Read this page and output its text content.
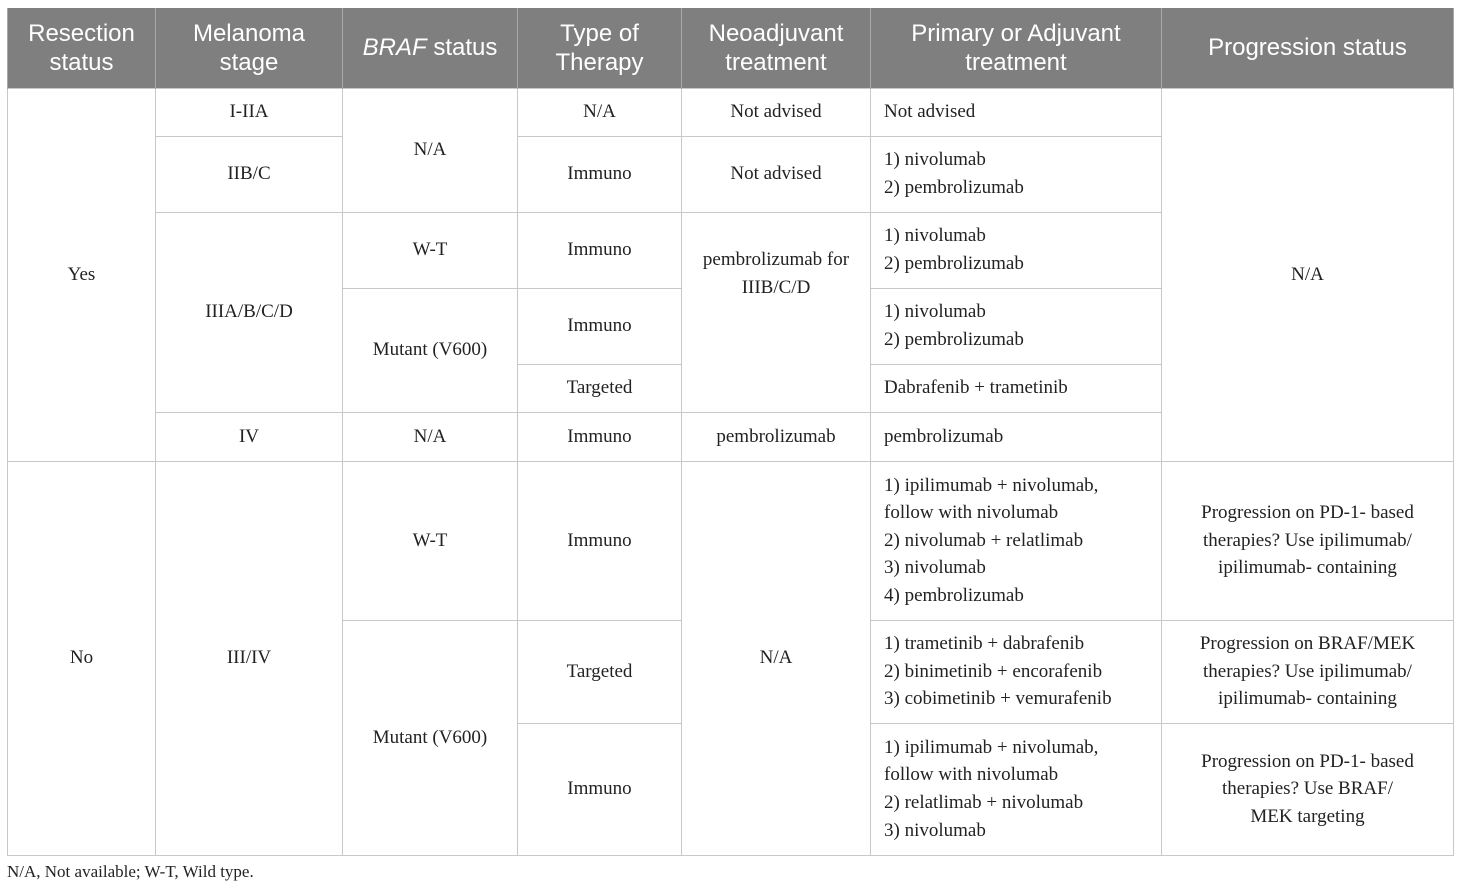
Resection status	Melanoma stage	BRAF status	Type of Therapy	Neoadjuvant treatment	Primary or Adjuvant treatment	Progression status
Yes	I-IIA	N/A	N/A	Not advised	Not advised	N/A
	IIB/C		Immuno	Not advised	1) nivolumab
2) pembrolizumab	

	IIIA/B/C/D	W-T	Immuno	pembrolizumab for IIIB/C/D	1) nivolumab
2) pembrolizumab	

		Mutant (V600)	Immuno		1) nivolumab
2) pembrolizumab	

			Targeted		Dabrafenib + trametinib	

	IV	N/A	Immuno	pembrolizumab	pembrolizumab	

No	III/IV	W-T	Immuno	N/A	1) ipilimumab + nivolumab,
follow with nivolumab
2) nivolumab + relatlimab
3) nivolumab
4) pembrolizumab	Progression on PD-1- based
therapies? Use ipilimumab/
ipilimumab- containing

		Mutant (V600)	Targeted		1) trametinib + dabrafenib
2) binimetinib + encorafenib
3) cobimetinib + vemurafenib	Progression on BRAF/MEK
therapies? Use ipilimumab/
ipilimumab- containing

			Immuno		1) ipilimumab + nivolumab,
follow with nivolumab
2) relatlimab + nivolumab
3) nivolumab	Progression on PD-1- based
therapies? Use BRAF/
MEK targeting
N/A, Not available; W-T, Wild type.
